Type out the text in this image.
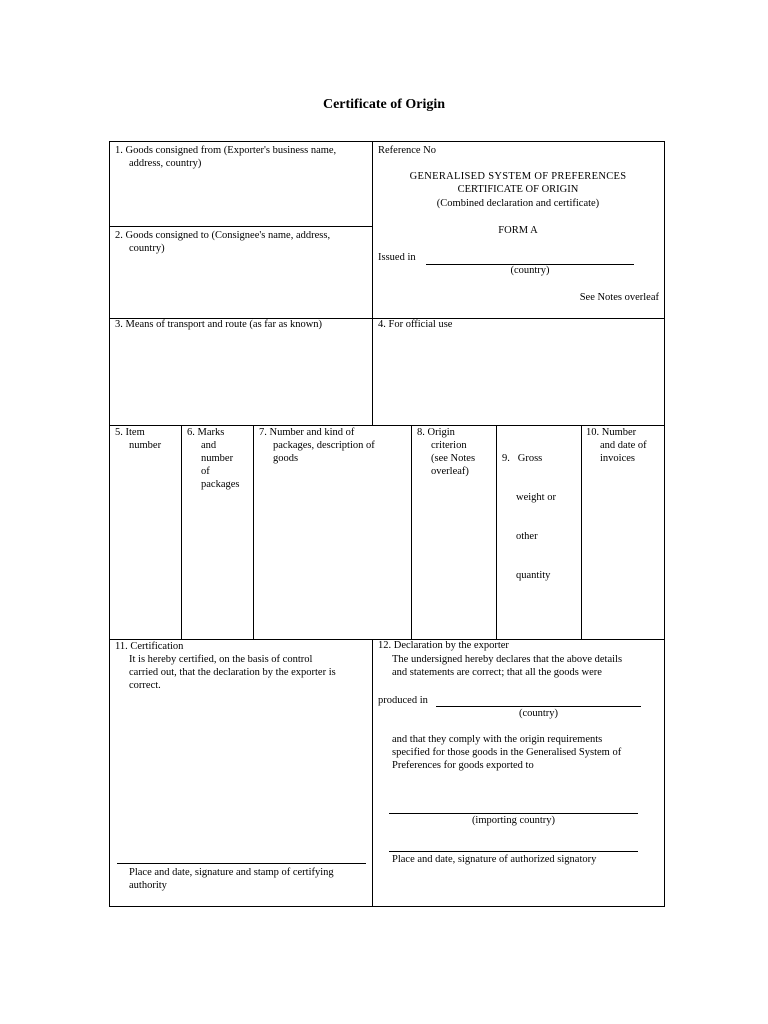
Certificate of Origin
1. Goods consigned from (Exporter's business name,
address, country)
2. Goods consigned to (Consignee's name, address,
country)
Reference No
GENERALISED SYSTEM OF PREFERENCES
CERTIFICATE OF ORIGIN
(Combined declaration and certificate)
FORM A
Issued in
(country)
See Notes overleaf
3. Means of transport and route (as far as known)	4. For official use
5. Item
number
6. Marks
and
number
of
packages
7. Number and kind of
packages, description of
goods
8. Origin
criterion
(see Notes
overleaf)

9.   Gross

weight or

other

quantity

10. Number
and date of
invoices
11. Certification
It is hereby certified, on the basis of control
carried out, that the declaration by the exporter is
correct.
Place and date, signature and stamp of certifying
authority
12. Declaration by the exporter
The undersigned hereby declares that the above details
and statements are correct; that all the goods were
produced in
(country)
and that they comply with the origin requirements
specified for those goods in the Generalised System of
Preferences for goods exported to
(importing country)
Place and date, signature of authorized signatory
